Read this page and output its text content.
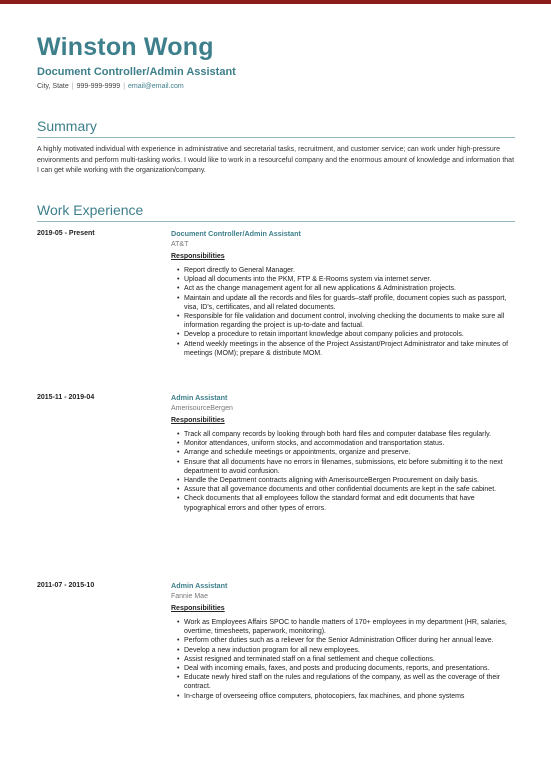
Winston Wong
Document Controller/Admin Assistant
City, State | 999-999-9999 | email@email.com
Summary

A highly motivated individual with experience in administrative and secretarial tasks, recruitment, and customer service; can work under high-pressure environments and perform multi-tasking works. I would like to work in a resourceful company and the enormous amount of knowledge and information that I can get while working with the organization/company.

Work Experience
2019-05 - Present	Document Controller/Admin Assistant
AT&T
Responsibilities
• Report directly to General Manager.
• Upload all documents into the PKM, FTP & E-Rooms system via internet server.
• Act as the change management agent for all new applications & Administration projects.
• Maintain and update all the records and files for guards–staff profile, document copies such as passport, visa, ID's, certificates, and all related documents.
• Responsible for file validation and document control, involving checking the documents to make sure all information regarding the project is up-to-date and factual.
• Develop a procedure to retain important knowledge about company policies and protocols.
• Attend weekly meetings in the absence of the Project Assistant/Project Administrator and take minutes of meetings (MOM); prepare & distribute MOM.
2015-11 - 2019-04	Admin Assistant
AmerisourceBergen
Responsibilities
• Track all company records by looking through both hard files and computer database files regularly.
• Monitor attendances, uniform stocks, and accommodation and transportation status.
• Arrange and schedule meetings or appointments, organize and preserve.
• Ensure that all documents have no errors in filenames, submissions, etc before submitting it to the next department to avoid confusion.
• Handle the Department contracts aligning with AmerisourceBergen Procurement on daily basis.
• Assure that all governance documents and other confidential documents are kept in the safe cabinet.
• Check documents that all employees follow the standard format and edit documents that have typographical errors and other types of errors.
2011-07 - 2015-10	Admin Assistant
Fannie Mae
Responsibilities
• Work as Employees Affairs SPOC to handle matters of 170+ employees in my department (HR, salaries, overtime, timesheets, paperwork, monitoring).
• Perform other duties such as a reliever for the Senior Administration Officer during her annual leave.
• Develop a new induction program for all new employees.
• Assist resigned and terminated staff on a final settlement and cheque collections.
• Deal with incoming emails, faxes, and posts and producing documents, reports, and presentations.
• Educate newly hired staff on the rules and regulations of the company, as well as the coverage of their contract.
• In-charge of overseeing office computers, photocopiers, fax machines, and phone systems
